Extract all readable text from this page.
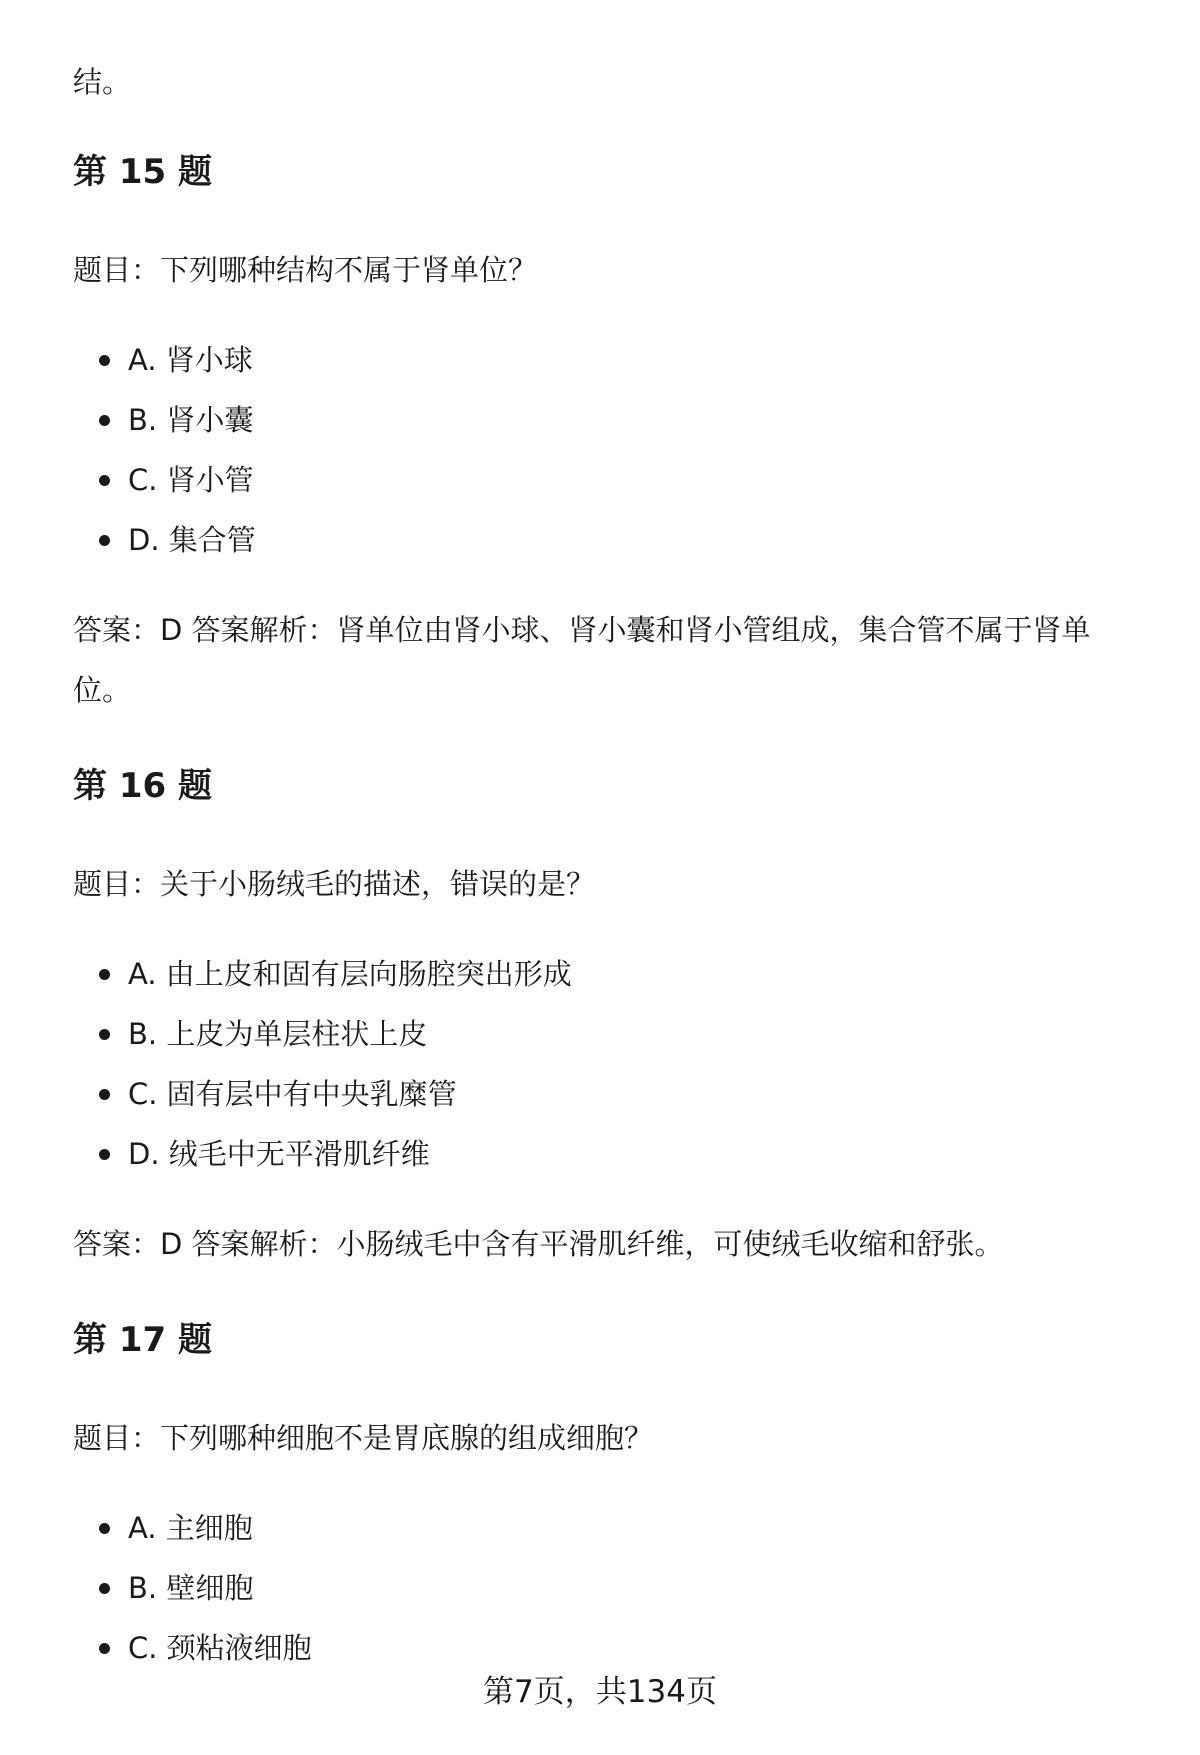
结。

第 15 题

题目：下列哪种结构不属于肾单位？

A. 肾小球
B. 肾小囊
C. 肾小管
D. 集合管

答案：D 答案解析：肾单位由肾小球、肾小囊和肾小管组成，集合管不属于肾单位。

第 16 题

题目：关于小肠绒毛的描述，错误的是？

A. 由上皮和固有层向肠腔突出形成
B. 上皮为单层柱状上皮
C. 固有层中有中央乳糜管
D. 绒毛中无平滑肌纤维

答案：D 答案解析：小肠绒毛中含有平滑肌纤维，可使绒毛收缩和舒张。

第 17 题

题目：下列哪种细胞不是胃底腺的组成细胞？

A. 主细胞
B. 壁细胞
C. 颈粘液细胞
第7页，共134页
